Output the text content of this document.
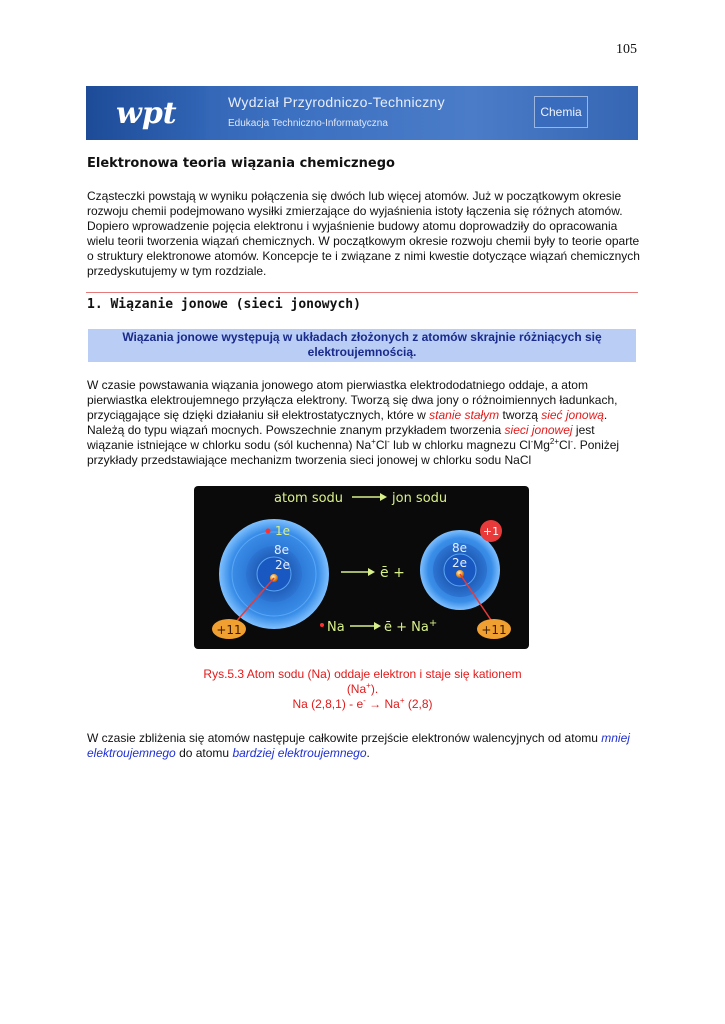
105
wpt	Wydział Przyrodniczo-Techniczny
Edukacja Techniczno-Informatyczna
Chemia
Elektronowa teoria wiązania chemicznego
Cząsteczki powstają w wyniku połączenia się dwóch lub więcej atomów. Już w początkowym okresie rozwoju chemii podejmowano wysiłki zmierzające do wyjaśnienia istoty łączenia się różnych atomów. Dopiero wprowadzenie pojęcia elektronu i wyjaśnienie budowy atomu doprowadziły do opracowania wielu teorii tworzenia wiązań chemicznych. W początkowym okresie rozwoju chemii były to teorie oparte o struktury elektronowe atomów. Koncepcje te i związane z nimi kwestie dotyczące wiązań chemicznych przedyskutujemy w tym rozdziale.
1. Wiązanie jonowe (sieci jonowych)
Wiązania jonowe występują w układach złożonych z atomów skrajnie różniących się elektroujemnością.
W czasie powstawania wiązania jonowego atom pierwiastka elektrododatniego oddaje, a atom pierwiastka elektroujemnego przyłącza elektrony. Tworzą się dwa jony o różnoimiennych ładunkach, przyciągające się dzięki działaniu sił elektrostatycznych, które w stanie stałym tworzą sieć jonową. Należą do typu wiązań mocnych. Powszechnie znanym przykładem tworzenia sieci jonowej jest wiązanie istniejące w chlorku sodu (sól kuchenna) Na+Cl- lub w chlorku magnezu $Cl^-Mg^{2+}Cl^-$. Poniżej przykłady przedstawiające mechanizm tworzenia sieci jonowej w chlorku sodu NaCl
atom sodu	jon sodu
1e
8e
2e	ē +
8e
2e
+1
+11	+11
Na	ē + Na+
Rys.5.3 Atom sodu (Na) oddaje elektron i staje się kationem (Na+).
Na (2,8,1) - e- → Na+ (2,8)
W czasie zbliżenia się atomów następuje całkowite przejście elektronów walencyjnych od atomu mniej elektroujemnego do atomu bardziej elektroujemnego.
